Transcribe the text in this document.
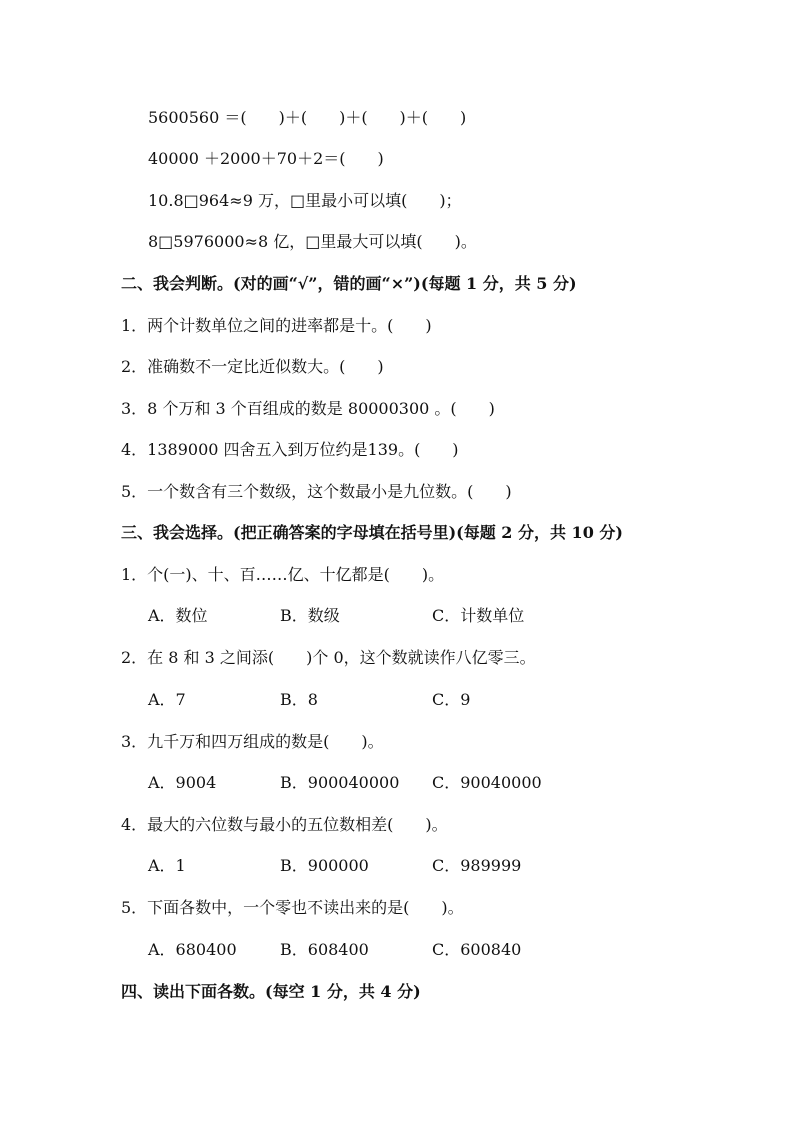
5600560 ＝(　　)＋(　　)＋(　　)＋(　　)
40000 ＋2000＋70＋2＝(　　)
10.8□964≈9 万，□里最小可以填(　　)；
8□5976000≈8 亿，□里最大可以填(　　)。
二、我会判断。(对的画“√”，错的画“×”)(每题 1 分，共 5 分)
1．两个计数单位之间的进率都是十。(　　)
2．准确数不一定比近似数大。(　　)
3．8 个万和 3 个百组成的数是 80000300 。(　　)
4．1389000 四舍五入到万位约是139。(　　)
5．一个数含有三个数级，这个数最小是九位数。(　　)
三、我会选择。(把正确答案的字母填在括号里)(每题 2 分，共 10 分)
1．个(一)、十、百……亿、十亿都是(　　)。
A．数位	B．数级	C．计数单位
2．在 8 和 3 之间添(　　)个 0，这个数就读作八亿零三。
A．7	B．8	C．9
3．九千万和四万组成的数是(　　)。
A．9004	B．900040000 C．90040000
4．最大的六位数与最小的五位数相差(　　)。
A．1	B．900000	C．989999
5．下面各数中，一个零也不读出来的是(　　)。
A．680400	B．608400	C．600840
四、读出下面各数。(每空 1 分，共 4 分)
